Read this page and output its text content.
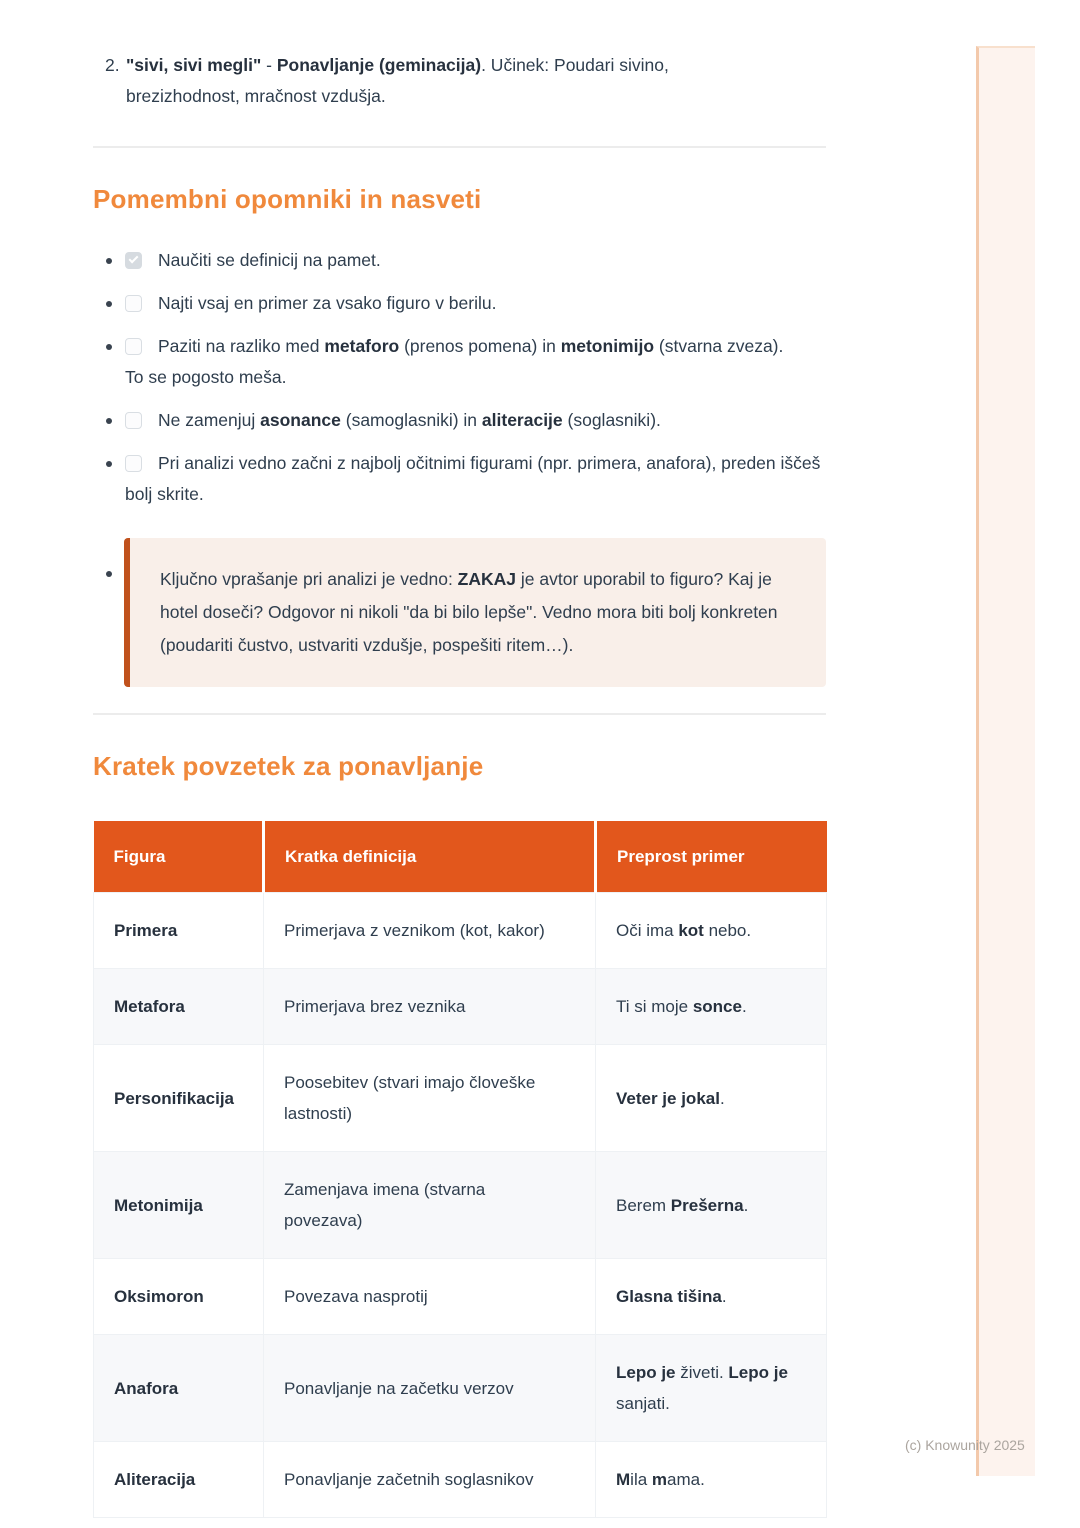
2. "sivi, sivi megli" - Ponavljanje (geminacija). Učinek: Poudari sivino, brezizhodnost, mračnost vzdušja.
Pomembni opomniki in nasveti
Naučiti se definicij na pamet.
Najti vsaj en primer za vsako figuro v berilu.
Paziti na razliko med metaforo (prenos pomena) in metonimijo (stvarna zveza). To se pogosto meša.
Ne zamenjuj asonance (samoglasniki) in aliteracije (soglasniki).
Pri analizi vedno začni z najbolj očitnimi figurami (npr. primera, anafora), preden iščeš bolj skrite.
Ključno vprašanje pri analizi je vedno: ZAKAJ je avtor uporabil to figuro? Kaj je hotel doseči? Odgovor ni nikoli "da bi bilo lepše". Vedno mora biti bolj konkreten (poudariti čustvo, ustvariti vzdušje, pospešiti ritem…).
Kratek povzetek za ponavljanje
Figura	Kratka definicija	Preprost primer
Primera	Primerjava z veznikom (kot, kakor)	Oči ima kot nebo.
Metafora	Primerjava brez veznika	Ti si moje sonce.
Personifikacija	Poosebitev (stvari imajo človeške lastnosti)	Veter je jokal.
Metonimija	Zamenjava imena (stvarna povezava)	Berem Prešerna.
Oksimoron	Povezava nasprotij	Glasna tišina.
Anafora	Ponavljanje na začetku verzov	Lepo je živeti. Lepo je sanjati.
Aliteracija	Ponavljanje začetnih soglasnikov	Mila mama.
(c) Knowunity 2025
